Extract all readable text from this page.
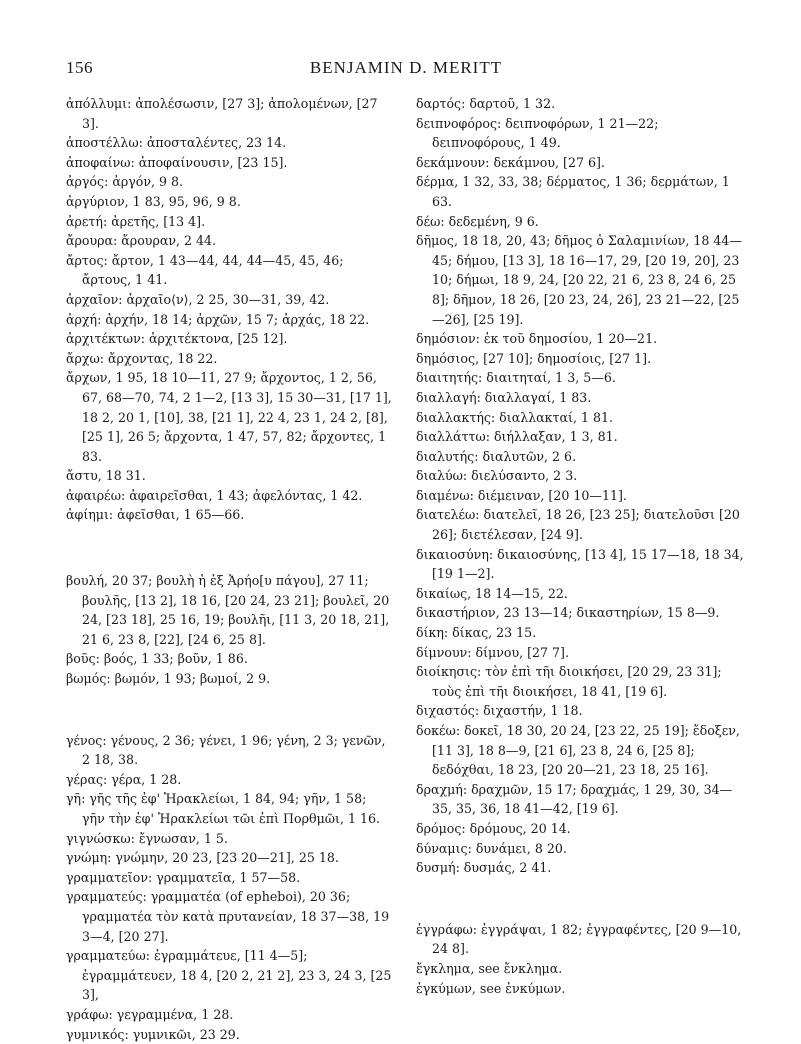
156	BENJAMIN D. MERITT
ἀπόλλυμι: ἀπολέσωσιν, [27 3]; ἀπολομένων, [27 3].
ἀποστέλλω: ἀποσταλέντες, 23 14.
ἀποφαίνω: ἀποφαίνουσιν, [23 15].
ἀργός: ἀργόν, 9 8.
ἀργύριον, 1 83, 95, 96, 9 8.
ἀρετή: ἀρετῆς, [13 4].
ἄρουρα: ἄρουραν, 2 44.
ἄρτος: ἄρτον, 1 43—44, 44, 44—45, 45, 46; ἄρτους, 1 41.
ἀρχαῖον: ἀρχαῖο⟨ν⟩, 2 25, 30—31, 39, 42.
ἀρχή: ἀρχήν, 18 14; ἀρχῶν, 15 7; ἀρχάς, 18 22.
ἀρχιτέκτων: ἀρχιτέκτονα, [25 12].
ἄρχω: ἄρχοντας, 18 22.
ἄρχων, 1 95, 18 10—11, 27 9; ἄρχοντος, 1 2, 56, 67, 68—70, 74, 2 1—2, [13 3], 15 30—31, [17 1], 18 2, 20 1, [10], 38, [21 1], 22 4, 23 1, 24 2, [8], [25 1], 26 5; ἄρχοντα, 1 47, 57, 82; ἄρχοντες, 1 83.
ἄστυ, 18 31.
ἀφαιρέω: ἀφαιρεῖσθαι, 1 43; ἀφελόντας, 1 42.
ἀφίημι: ἀφεῖσθαι, 1 65—66.
βουλή, 20 37; βουλὴ ἡ ἐξ Ἀρήο[υ πάγου], 27 11; βουλῆς, [13 2], 18 16, [20 24, 23 21]; βουλεῖ, 20 24, [23 18], 25 16, 19; βουλῆι, [11 3, 20 18, 21], 21 6, 23 8, [22], [24 6, 25 8].
βοῦς: βοός, 1 33; βοῦν, 1 86.
βωμός: βωμόν, 1 93; βωμοί, 2 9.
γένος: γένους, 2 36; γένει, 1 96; γένη, 2 3; γενῶν, 2 18, 38.
γέρας: γέρα, 1 28.
γῆ: γῆς τῆς ἐφ' Ἡρακλείωι, 1 84, 94; γῆν, 1 58; γῆν τὴν ἐφ' Ἡρακλείωι τῶι ἐπὶ Πορθμῶι, 1 16.
γιγνώσκω: ἔγνωσαν, 1 5.
γνώμη: γνώμην, 20 23, [23 20—21], 25 18.
γραμματεῖον: γραμματεῖα, 1 57—58.
γραμματεύς: γραμματέα (of epheboi), 20 36; γραμματέα τὸν κατὰ πρυτανείαν, 18 37—38, 19 3—4, [20 27].
γραμματεύω: ἐγραμμάτευε, [11 4—5]; ἐγραμμάτευεν, 18 4, [20 2, 21 2], 23 3, 24 3, [25 3],
γράφω: γεγραμμένα, 1 28.
γυμνικός: γυμνικῶι, 23 29.
δαρτός: δαρτοῦ, 1 32.
δειπνοφόρος: δειπνοφόρων, 1 21—22; δειπνοφόρους, 1 49.
δεκάμνουν: δεκάμνου, [27 6].
δέρμα, 1 32, 33, 38; δέρματος, 1 36; δερμάτων, 1 63.
δέω: δεδεμένη, 9 6.
δῆμος, 18 18, 20, 43; δῆμος ὁ Σαλαμινίων, 18 44—45; δήμου, [13 3], 18 16—17, 29, [20 19, 20], 23 10; δήμωι, 18 9, 24, [20 22, 21 6, 23 8, 24 6, 25 8]; δῆμον, 18 26, [20 23, 24, 26], 23 21—22, [25—26], [25 19].
δημόσιον: ἐκ τοῦ δημοσίου, 1 20—21.
δημόσιος, [27 10]; δημοσίοις, [27 1].
διαιτητής: διαιτηταί, 1 3, 5—6.
διαλλαγή: διαλλαγαί, 1 83.
διαλλακτής: διαλλακταί, 1 81.
διαλλάττω: διήλλαξαν, 1 3, 81.
διαλυτής: διαλυτῶν, 2 6.
διαλύω: διελύσαντο, 2 3.
διαμένω: διέμειναν, [20 10—11].
διατελέω: διατελεῖ, 18 26, [23 25]; διατελοῦσι [20 26]; διετέλεσαν, [24 9].
δικαιοσύνη: δικαιοσύνης, [13 4], 15 17—18, 18 34, [19 1—2].
δικαίως, 18 14—15, 22.
δικαστήριον, 23 13—14; δικαστηρίων, 15 8—9.
δίκη: δίκας, 23 15.
δίμνουν: δίμνου, [27 7].
διοίκησις: τὸν ἐπὶ τῆι διοικήσει, [20 29, 23 31]; τοὺς ἐπὶ τῆι διοικήσει, 18 41, [19 6].
διχαστός: διχαστήν, 1 18.
δοκέω: δοκεῖ, 18 30, 20 24, [23 22, 25 19]; ἔδοξεν, [11 3], 18 8—9, [21 6], 23 8, 24 6, [25 8]; δεδόχθαι, 18 23, [20 20—21, 23 18, 25 16].
δραχμή: δραχμῶν, 15 17; δραχμάς, 1 29, 30, 34—35, 35, 36, 18 41—42, [19 6].
δρόμος: δρόμους, 20 14.
δύναμις: δυνάμει, 8 20.
δυσμή: δυσμάς, 2 41.
ἐγγράφω: ἐγγράψαι, 1 82; ἐγγραφέντες, [20 9—10, 24 8].
ἔγκλημα, see ἔνκλημα.
ἐγκύμων, see ἐνκύμων.
